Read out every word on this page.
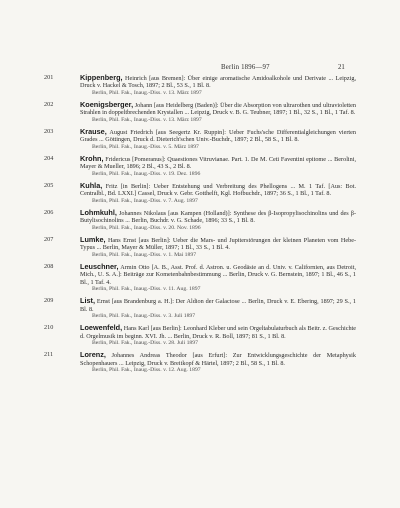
Berlin 1896—97	21
201	Kippenberg, Heinrich [aus Bremen]: Über einige aromatische Amidoalkohole und Derivate ... Leipzig, Druck v. Hackel & Tosch, 1897; 2 Bl., 53 S., 1 Bl. 8.
Berlin, Phil. Fak., Inaug.-Diss. v. 13. März 1897
202	Koenigsberger, Johann [aus Heidelberg (Baden)]: Über die Absorption von ultrarothen und ultravioletten Strahlen in doppeltbrechenden Krystallen ... Leipzig, Druck v. B. G. Teubner, 1897; 1 Bl., 32 S., 1 Bl., 1 Taf. 8.
Berlin, Phil. Fak., Inaug.-Diss. v. 13. März 1897
203	Krause, August Friedrich [aus Seegertz Kr. Ruppin]: Ueber Fuchs'sche Differentialgleichungen vierten Grades ... Göttingen, Druck d. Dieterich'schen Univ.-Buchdr., 1897; 2 Bl., 58 S., 1 Bl. 8.
Berlin, Phil. Fak., Inaug.-Diss. v. 5. März 1897
204	Krohn, Fridericus [Pomeranus]: Quaestiones Vitruvianae. Part. 1. De M. Ceti Faventini epitome ... Berolini, Mayer & Mueller, 1896; 2 Bl., 43 S., 2 Bl. 8.
Berlin, Phil. Fak., Inaug.-Diss. v. 19. Dez. 1896
205	Kuhla, Fritz [in Berlin]: Ueber Entstehung und Verbreitung des Phellogens ... M. 1 Taf. [Aus: Bot. Centralbl., Bd. LXXI.] Cassel, Druck v. Gebr. Gotthelft, Kgl. Hofbuchdr., 1897; 36 S., 1 Bl., 1 Taf. 8.
Berlin, Phil. Fak., Inaug.-Diss. v. 7. Aug. 1897
206	Lohmkuhl, Johannes Nikolaus [aus Kampen (Holland)]: Synthese des β-Isopropylisochinolins und des β-Butylisochinolins ... Berlin, Buchdr. v. G. Schade, 1896; 33 S., 1 Bl. 8.
Berlin, Phil. Fak., Inaug.-Diss. v. 20. Nov. 1896
207	Lumke, Hans Ernst [aus Berlin]: Ueber die Mars- und Jupiterstörungen der kleinen Planeten vom Hebe-Typus ... Berlin, Mayer & Müller, 1897; 1 Bl., 33 S., 1 Bl. 4.
Berlin, Phil. Fak., Inaug.-Diss. v. 1. Mai 1897
208	Leuschner, Armin Otto [A. B., Asst. Prof. d. Astron. u. Geodäsie an d. Univ. v. Californien, aus Detroit, Mich., U. S. A.]: Beiträge zur Kometenbahnbestimmung ... Berlin, Druck v. G. Bernstein, 1897; 1 Bl., 46 S., 1 Bl., 1 Taf. 4.
Berlin, Phil. Fak., Inaug.-Diss. v. 11. Aug. 1897
209	List, Ernst [aus Brandenburg a. H.]: Der Aldion der Galactose ... Berlin, Druck v. E. Ebering, 1897; 29 S., 1 Bl. 8.
Berlin, Phil. Fak., Inaug.-Diss. v. 3. Juli 1897
210	Loewenfeld, Hans Karl [aus Berlin]: Leonhard Kleber und sein Orgeltabulaturbuch als Beitr. z. Geschichte d. Orgelmusik im beginn. XVI. Jh. ... Berlin, Druck v. R. Boll, 1897; 81 S., 1 Bl. 8.
Berlin, Phil. Fak., Inaug.-Diss. v. 28. Juli 1897
211	Lorenz, Johannes Andreas Theodor [aus Erfurt]: Zur Entwicklungsgeschichte der Metaphysik Schopenhauers ... Leipzig, Druck v. Breitkopf & Härtel, 1897; 2 Bl., 58 S., 1 Bl. 8.
Berlin, Phil. Fak., Inaug.-Diss. v. 12. Aug. 1897
